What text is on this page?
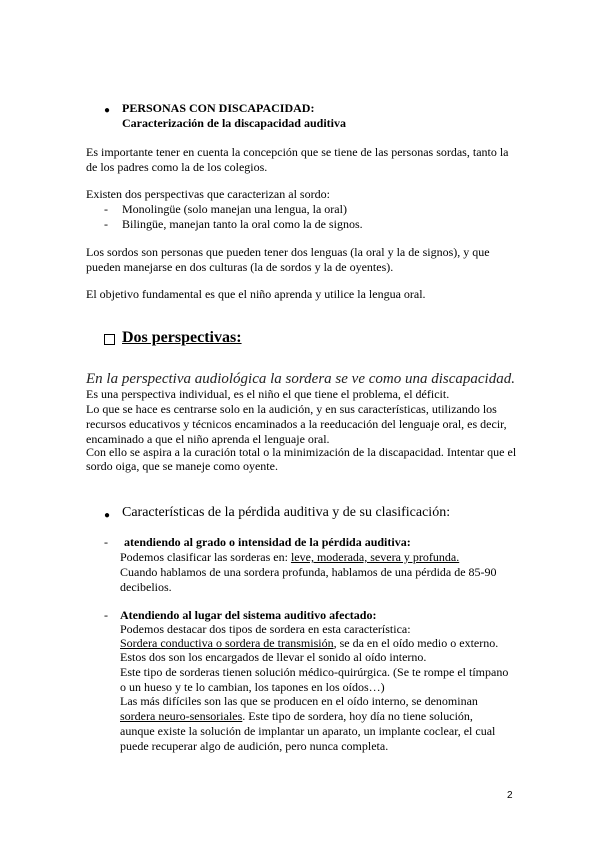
● PERSONAS CON DISCAPACIDAD:
Caracterización de la discapacidad auditiva
Es importante tener en cuenta la concepción que se tiene de las personas sordas, tanto la
de los padres como la de los colegios.
Existen dos perspectivas que caracterizan al sordo:
- Monolingüe (solo manejan una lengua, la oral)
- Bilingüe, manejan tanto la oral como la de signos.
Los sordos son personas que pueden tener dos lenguas (la oral y la de signos), y que
pueden manejarse en dos culturas (la de sordos y la de oyentes).
El objetivo fundamental es que el niño aprenda y utilice la lengua oral.
Dos perspectivas:
En la perspectiva audiológica la sordera se ve como una discapacidad.
Es una perspectiva individual, es el niño el que tiene el problema, el déficit.
Lo que se hace es centrarse solo en la audición, y en sus características, utilizando los
recursos educativos y técnicos encaminados a la reeducación del lenguaje oral, es decir,
encaminado a que el niño aprenda el lenguaje oral.
Con ello se aspira a la curación total o la minimización de la discapacidad. Intentar que el
sordo oiga, que se maneje como oyente.
● Características de la pérdida auditiva y de su clasificación:
- atendiendo al grado o intensidad de la pérdida auditiva:
Podemos clasificar las sorderas en: leve, moderada, severa y profunda.
Cuando hablamos de una sordera profunda, hablamos de una pérdida de 85-90
decibelios.
- Atendiendo al lugar del sistema auditivo afectado:
Podemos destacar dos tipos de sordera en esta característica:
Sordera conductiva o sordera de transmisión, se da en el oído medio o externo.
Estos dos son los encargados de llevar el sonido al oído interno.
Este tipo de sorderas tienen solución médico-quirúrgica. (Se te rompe el tímpano
o un hueso y te lo cambian, los tapones en los oídos…)
Las más difíciles son las que se producen en el oído interno, se denominan
sordera neuro-sensoriales. Este tipo de sordera, hoy día no tiene solución,
aunque existe la solución de implantar un aparato, un implante coclear, el cual
puede recuperar algo de audición, pero nunca completa.
2
